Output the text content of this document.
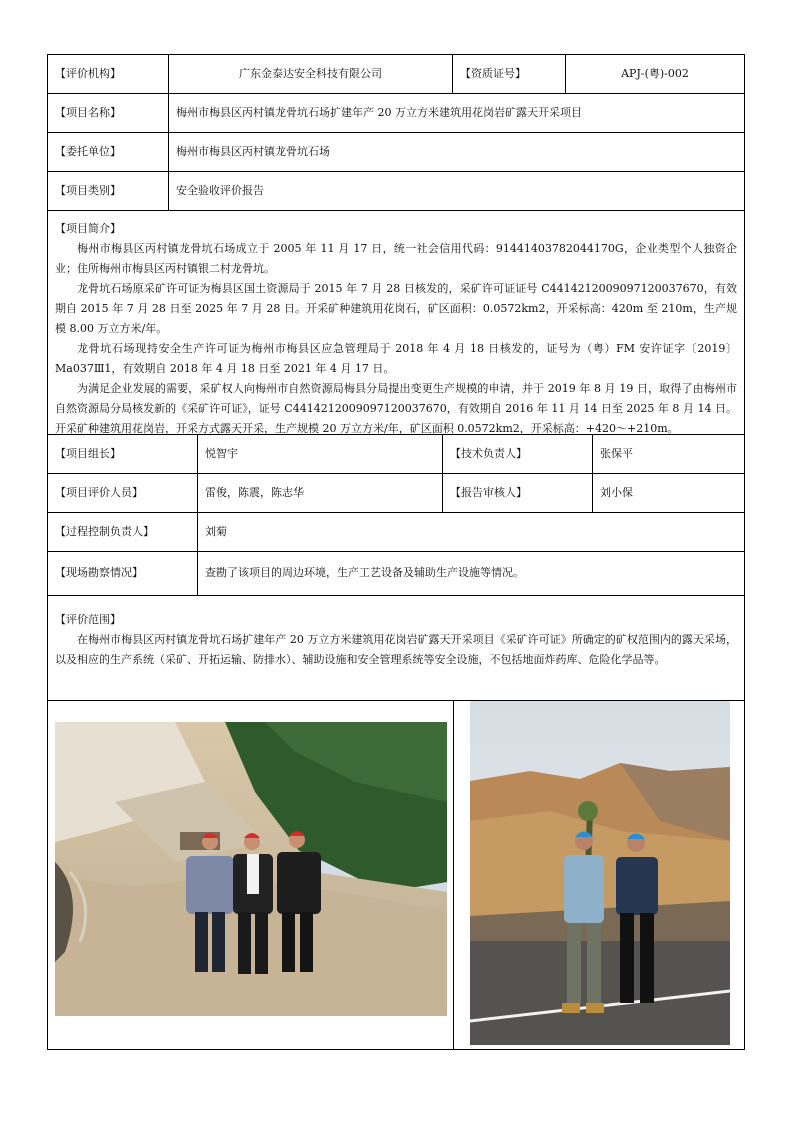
【评价机构】	广东金泰达安全科技有限公司	【资质证号】	APJ-(粤)-002
【项目名称】	梅州市梅县区丙村镇龙骨坑石场扩建年产 20 万立方米建筑用花岗岩矿露天开采项目
【委托单位】	梅州市梅县区丙村镇龙骨坑石场
【项目类别】	安全验收评价报告
【项目简介】

梅州市梅县区丙村镇龙骨坑石场成立于 2005 年 11 月 17 日，统一社会信用代码：91441403782044170G，企业类型个人独资企业；住所梅州市梅县区丙村镇银二村龙骨坑。

龙骨坑石场原采矿许可证为梅县区国土资源局于 2015 年 7 月 28 日核发的，采矿许可证证号 C4414212009097120037670，有效期自 2015 年 7 月 28 日至 2025 年 7 月 28 日。开采矿种建筑用花岗石，矿区面积：0.0572km2，开采标高：420m 至 210m，生产规模 8.00 万立方米/年。

龙骨坑石场现持安全生产许可证为梅州市梅县区应急管理局于 2018 年 4 月 18 日核发的，证号为（粤）FM 安许证字〔2019〕Ma037Ⅲ1，有效期自 2018 年 4 月 18 日至 2021 年 4 月 17 日。

为满足企业发展的需要，采矿权人向梅州市自然资源局梅县分局提出变更生产规模的申请，并于 2019 年 8 月 19 日，取得了由梅州市自然资源局分局核发新的《采矿许可证》，证号 C4414212009097120037670，有效期自 2016 年 11 月 14 日至 2025 年 8 月 14 日。开采矿种建筑用花岗岩，开采方式露天开采，生产规模 20 万立方米/年，矿区面积 0.0572km2，开采标高：+420～+210m。

【项目组长】	悦智宇	【技术负责人】	张保平
【项目评价人员】	雷俊，陈震，陈志华	【报告审核人】	刘小保
【过程控制负责人】	刘菊
【现场勘察情况】	查勘了该项目的周边环境，生产工艺设备及辅助生产设施等情况。
【评价范围】

在梅州市梅县区丙村镇龙骨坑石场扩建年产 20 万立方米建筑用花岗岩矿露天开采项目《采矿许可证》所确定的矿权范围内的露天采场，以及相应的生产系统（采矿、开拓运输、防排水）、辅助设施和安全管理系统等安全设施，不包括地面炸药库、危险化学品等。
